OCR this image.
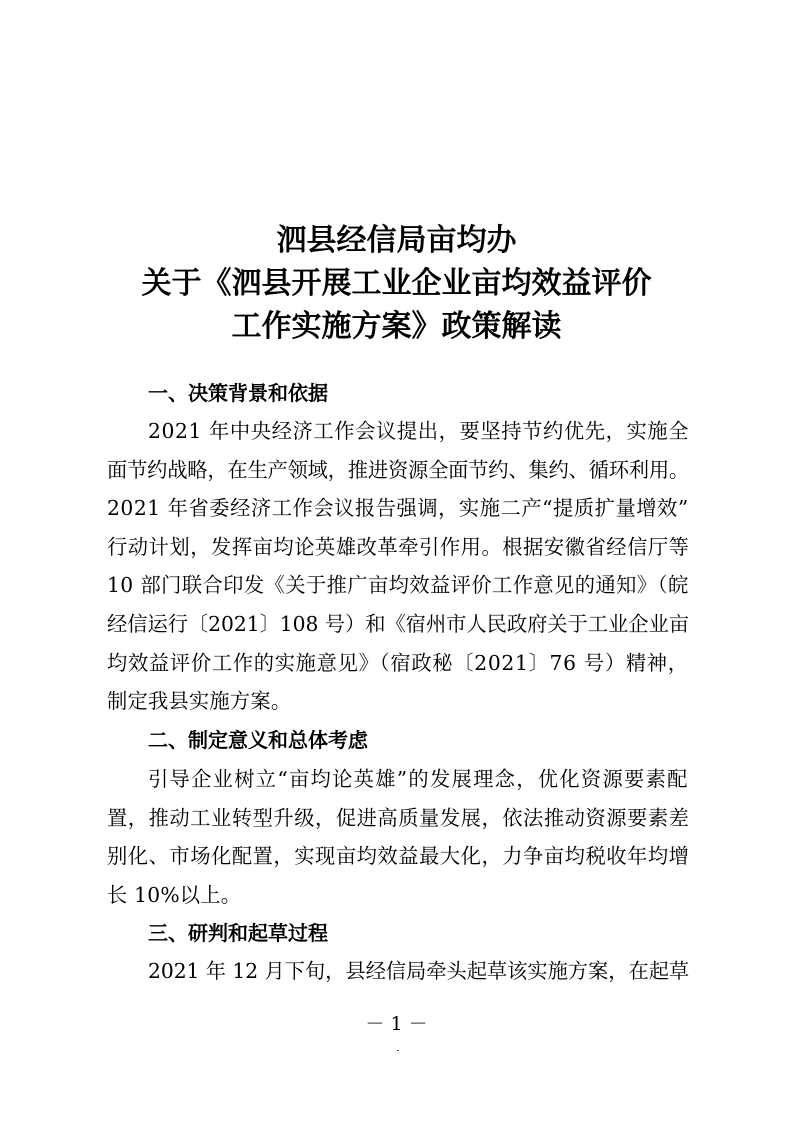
泗县经信局亩均办
关于《泗县开展工业企业亩均效益评价
工作实施方案》政策解读
一、决策背景和依据
2021 年中央经济工作会议提出，要坚持节约优先，实施全
面节约战略，在生产领域，推进资源全面节约、集约、循环利用。
2021 年省委经济工作会议报告强调，实施二产“提质扩量增效”
行动计划，发挥亩均论英雄改革牵引作用。根据安徽省经信厅等
10 部门联合印发《关于推广亩均效益评价工作意见的通知》（皖
经信运行〔2021〕108 号）和《宿州市人民政府关于工业企业亩
均效益评价工作的实施意见》（宿政秘〔2021〕76 号）精神，
制定我县实施方案。
二、制定意义和总体考虑
引导企业树立“亩均论英雄”的发展理念，优化资源要素配
置，推动工业转型升级，促进高质量发展，依法推动资源要素差
别化、市场化配置，实现亩均效益最大化，力争亩均税收年均增
长 10%以上。
三、研判和起草过程
2021 年 12 月下旬，县经信局牵头起草该实施方案，在起草
－ 1 －
